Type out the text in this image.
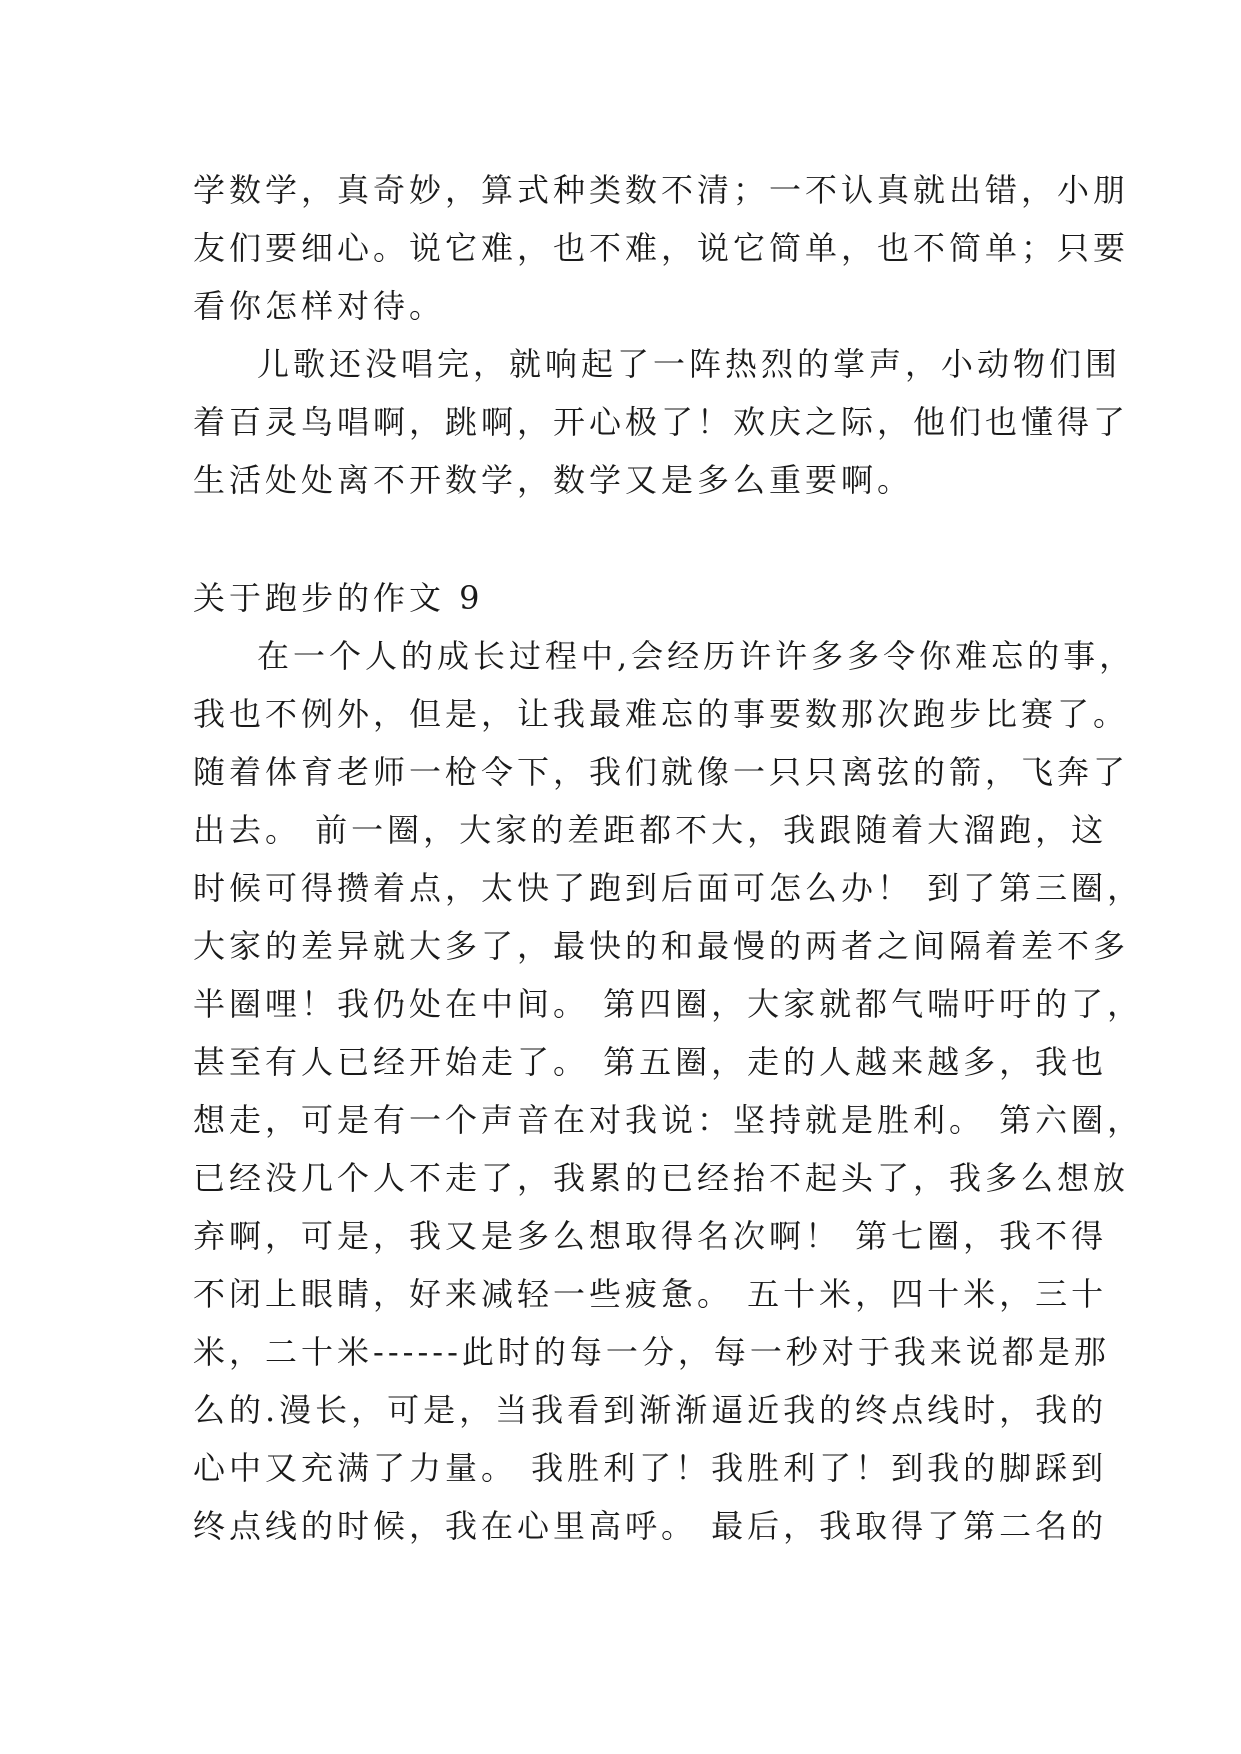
学数学，真奇妙，算式种类数不清；一不认真就出错，小朋
友们要细心。说它难，也不难，说它简单，也不简单；只要
看你怎样对待。
儿歌还没唱完，就响起了一阵热烈的掌声，小动物们围
着百灵鸟唱啊，跳啊，开心极了！欢庆之际，他们也懂得了
生活处处离不开数学，数学又是多么重要啊。
关于跑步的作文 9
在一个人的成长过程中,会经历许许多多令你难忘的事，
我也不例外，但是，让我最难忘的事要数那次跑步比赛了。
随着体育老师一枪令下，我们就像一只只离弦的箭，飞奔了
出去。 前一圈，大家的差距都不大，我跟随着大溜跑，这
时候可得攒着点，太快了跑到后面可怎么办！ 到了第三圈，
大家的差异就大多了，最快的和最慢的两者之间隔着差不多
半圈哩！我仍处在中间。 第四圈，大家就都气喘吁吁的了，
甚至有人已经开始走了。 第五圈，走的人越来越多，我也
想走，可是有一个声音在对我说：坚持就是胜利。 第六圈，
已经没几个人不走了，我累的已经抬不起头了，我多么想放
弃啊，可是，我又是多么想取得名次啊！ 第七圈，我不得
不闭上眼睛，好来减轻一些疲惫。 五十米，四十米，三十
米，二十米------此时的每一分，每一秒对于我来说都是那
么的.漫长，可是，当我看到渐渐逼近我的终点线时，我的
心中又充满了力量。 我胜利了！我胜利了！到我的脚踩到
终点线的时候，我在心里高呼。 最后，我取得了第二名的
